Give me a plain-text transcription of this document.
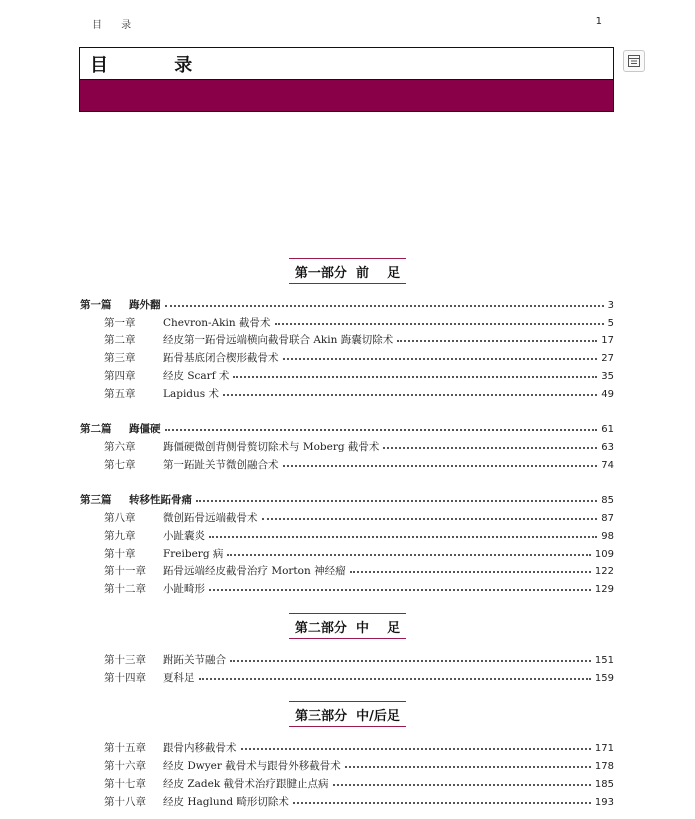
目 录	1
目 录
第一部分  前    足
第二部分  中    足
第三部分  中/后足
第一篇	踇外翻	3
第一章	Chevron-Akin 截骨术	5
第二章	经皮第一跖骨远端横向截骨联合 Akin 踇囊切除术	17
第三章	跖骨基底闭合楔形截骨术	27
第四章	经皮 Scarf 术	35
第五章	Lapidus 术	49
第二篇	踇僵硬	61
第六章	踇僵硬微创背侧骨赘切除术与 Moberg 截骨术	63
第七章	第一跖趾关节微创融合术	74
第三篇	转移性跖骨痛	85
第八章	微创跖骨远端截骨术	87
第九章	小趾囊炎	98
第十章	Freiberg 病	109
第十一章	跖骨远端经皮截骨治疗 Morton 神经瘤	122
第十二章	小趾畸形	129
第十三章	跗跖关节融合	151
第十四章	夏科足	159
第十五章	跟骨内移截骨术	171
第十六章	经皮 Dwyer 截骨术与跟骨外移截骨术	178
第十七章	经皮 Zadek 截骨术治疗跟腱止点病	185
第十八章	经皮 Haglund 畸形切除术	193
